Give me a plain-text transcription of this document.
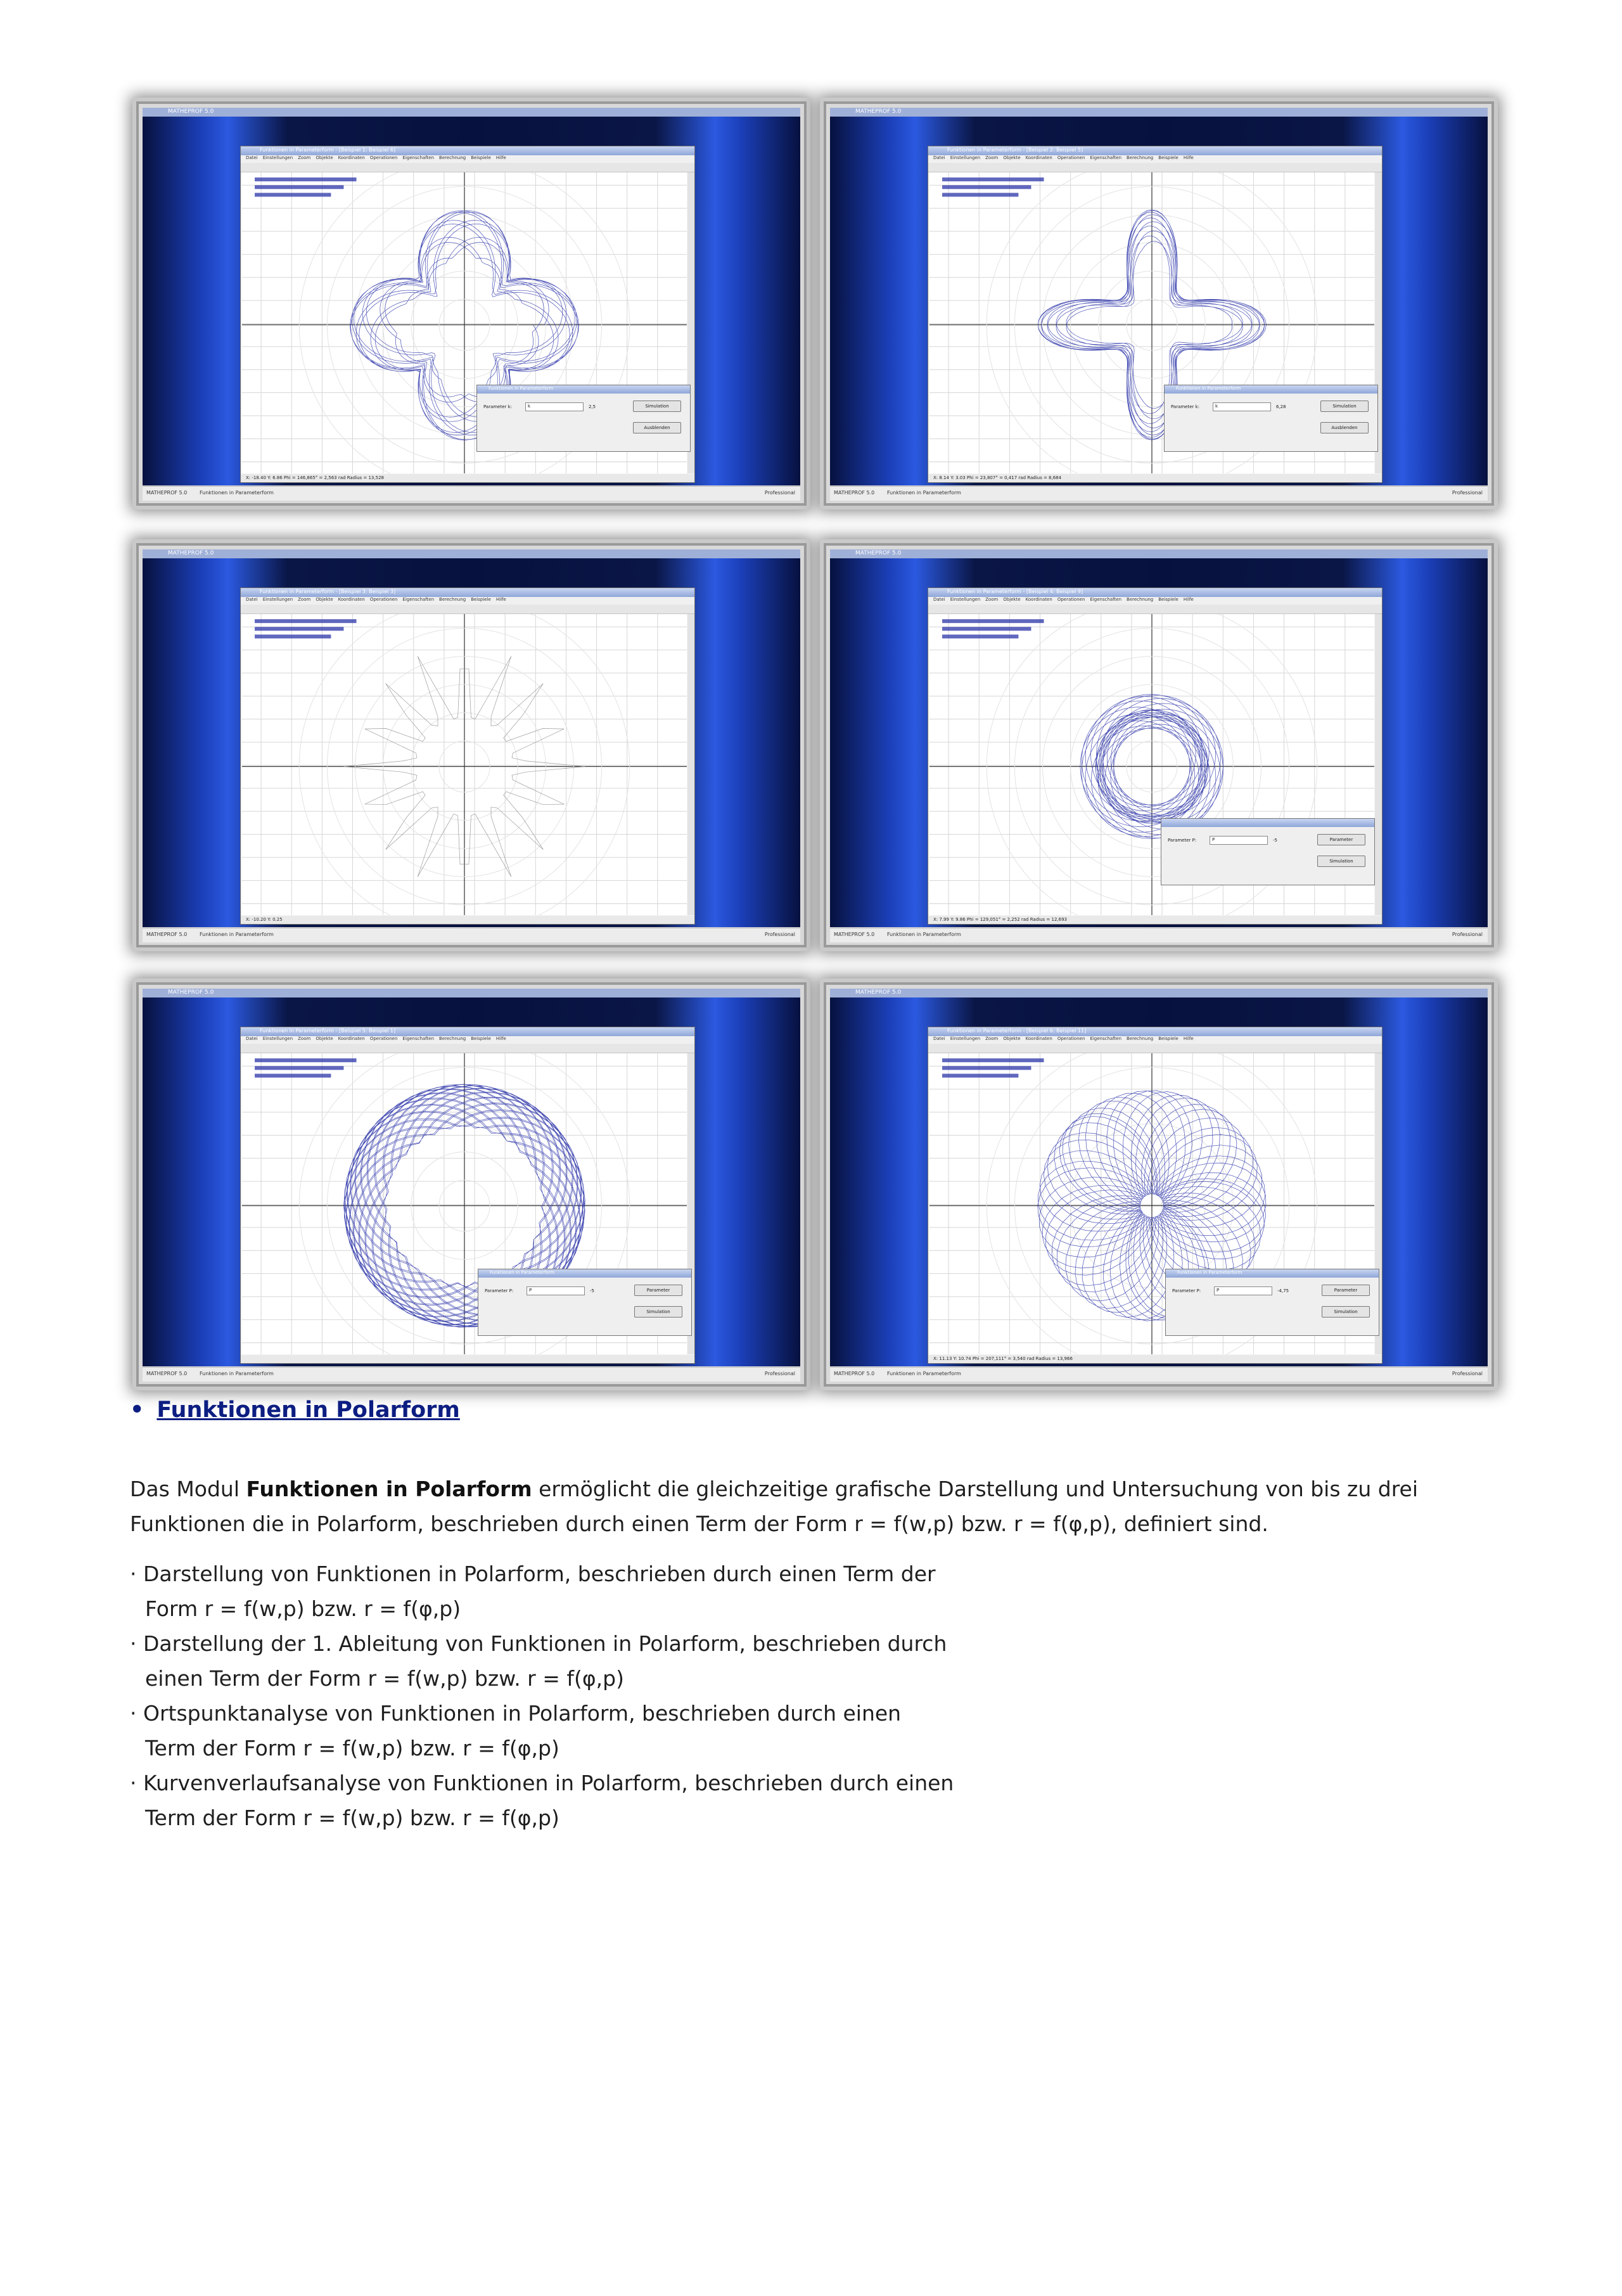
MATHEPROF 5.0
Funktionen in Parameterform - [Beispiel 1: Beispiel 6]
Datei Einstellungen Zoom Objekte Koordinaten Operationen Eigenschaften Berechnung Beispiele Hilfe
X: -18.40 Y: 6.86 Phi = 146,865° = 2,563 rad Radius = 13,528
Funktionen in Parameterform
Parameter k:	k	2,5	Simulation
Ausblenden
MATHEPROF 5.0 Funktionen in Parameterform	Professional
MATHEPROF 5.0
Funktionen in Parameterform - [Beispiel 2: Beispiel 5]
Datei Einstellungen Zoom Objekte Koordinaten Operationen Eigenschaften Berechnung Beispiele Hilfe
X: 8.14 Y: 3.03 Phi = 23,807° = 0,417 rad Radius = 8,684
Funktionen in Parameterform
Parameter k:	k	6,28	Simulation
Ausblenden
MATHEPROF 5.0 Funktionen in Parameterform	Professional
MATHEPROF 5.0
Funktionen in Parameterform - [Beispiel 3: Beispiel 3]
Datei Einstellungen Zoom Objekte Koordinaten Operationen Eigenschaften Berechnung Beispiele Hilfe
X: -10.20 Y: 0.25
MATHEPROF 5.0 Funktionen in Parameterform	Professional
MATHEPROF 5.0
Funktionen in Parameterform - [Beispiel 4: Beispiel 9]
Datei Einstellungen Zoom Objekte Koordinaten Operationen Eigenschaften Berechnung Beispiele Hilfe
X: 7.99 Y: 9.86 Phi = 129,051° = 2,252 rad Radius = 12,693
Parameter P:	P	-5	Parameter
Simulation
MATHEPROF 5.0 Funktionen in Parameterform	Professional
MATHEPROF 5.0
Funktionen in Parameterform - [Beispiel 5: Beispiel 1]
Datei Einstellungen Zoom Objekte Koordinaten Operationen Eigenschaften Berechnung Beispiele Hilfe
Funktionen in Parameterform
Parameter P:	P	-5	Parameter
Simulation
MATHEPROF 5.0 Funktionen in Parameterform	Professional
MATHEPROF 5.0
Funktionen in Parameterform - [Beispiel 6: Beispiel 11]
Datei Einstellungen Zoom Objekte Koordinaten Operationen Eigenschaften Berechnung Beispiele Hilfe
X: 11.13 Y: 10.74 Phi = 207,111° = 3,540 rad Radius = 13,966
Funktionen in Parameterform
Parameter P:	P	-4,75	Parameter
Simulation
MATHEPROF 5.0 Funktionen in Parameterform	Professional
• Funktionen in Polarform
Das Modul Funktionen in Polarform ermöglicht die gleichzeitige grafische Darstellung und Untersuchung von bis zu drei
Funktionen die in Polarform, beschrieben durch einen Term der Form r = f(w,p) bzw. r = f(φ,p), definiert sind.
· Darstellung von Funktionen in Polarform, beschrieben durch einen Term der
Form r = f(w,p) bzw. r = f(φ,p)
· Darstellung der 1. Ableitung von Funktionen in Polarform, beschrieben durch
einen Term der Form r = f(w,p) bzw. r = f(φ,p)
· Ortspunktanalyse von Funktionen in Polarform, beschrieben durch einen
Term der Form r = f(w,p) bzw. r = f(φ,p)
· Kurvenverlaufsanalyse von Funktionen in Polarform, beschrieben durch einen
Term der Form r = f(w,p) bzw. r = f(φ,p)
